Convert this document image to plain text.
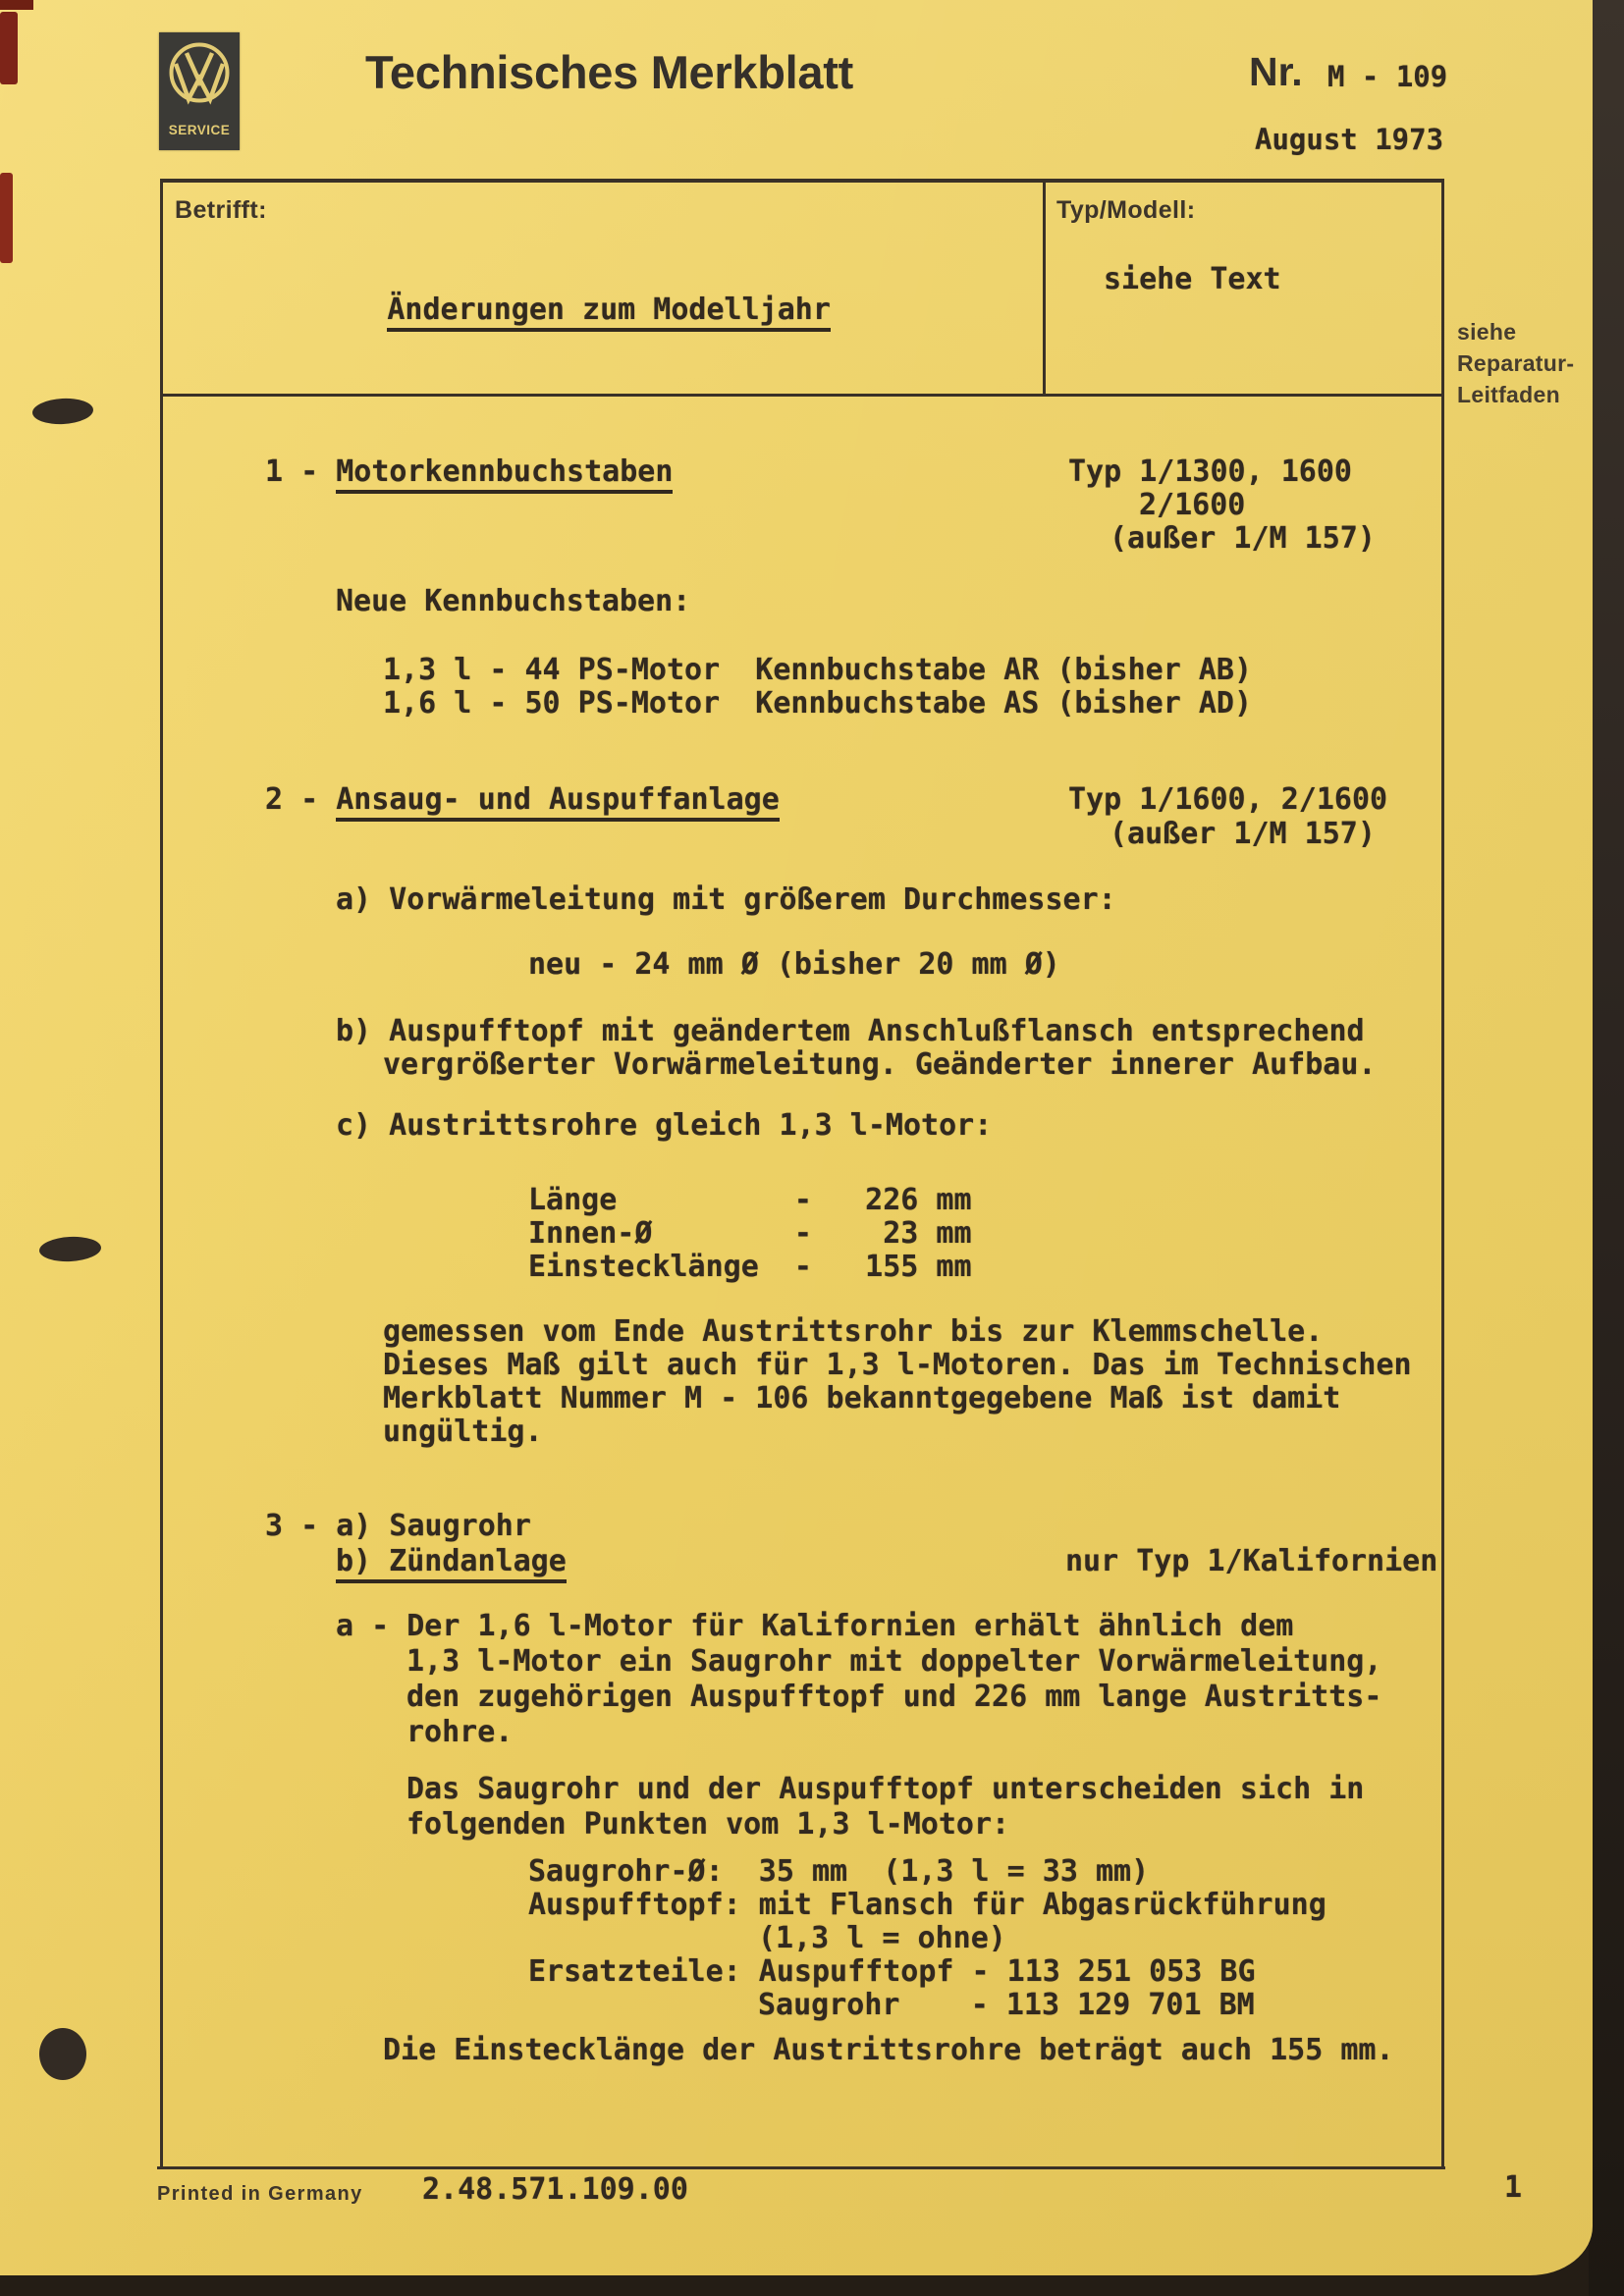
SERVICE
Technisches Merkblatt	Nr. M - 109
August 1973
Betrifft:

Änderungen zum Modelljahr

Typ/Modell:
siehe Text
siehe
Reparatur-
Leitfaden
1 - Motorkennbuchstaben	Typ 1/1300, 1600
2/1600
(außer 1/M 157)
Neue Kennbuchstaben:
1,3 l - 44 PS-Motor  Kennbuchstabe AR (bisher AB)
1,6 l - 50 PS-Motor  Kennbuchstabe AS (bisher AD)
2 - Ansaug- und Auspuffanlage	Typ 1/1600, 2/1600
(außer 1/M 157)
a) Vorwärmeleitung mit größerem Durchmesser:
neu - 24 mm Ø (bisher 20 mm Ø)
b) Auspufftopf mit geändertem Anschlußflansch entsprechend
vergrößerter Vorwärmeleitung. Geänderter innerer Aufbau.
c) Austrittsrohre gleich 1,3 l-Motor:
Länge          -   226 mm
Innen-Ø        -    23 mm
Einstecklänge  -   155 mm
gemessen vom Ende Austrittsrohr bis zur Klemmschelle.
Dieses Maß gilt auch für 1,3 l-Motoren. Das im Technischen
Merkblatt Nummer M - 106 bekanntgegebene Maß ist damit
ungültig.
3 - a) Saugrohr
b) Zündanlage	nur Typ 1/Kalifornien
a - Der 1,6 l-Motor für Kalifornien erhält ähnlich dem
1,3 l-Motor ein Saugrohr mit doppelter Vorwärmeleitung,
den zugehörigen Auspufftopf und 226 mm lange Austritts-
rohre.
Das Saugrohr und der Auspufftopf unterscheiden sich in
folgenden Punkten vom 1,3 l-Motor:
Saugrohr-Ø:  35 mm  (1,3 l = 33 mm)
Auspufftopf: mit Flansch für Abgasrückführung
(1,3 l = ohne)
Ersatzteile: Auspufftopf - 113 251 053 BG
Saugrohr    - 113 129 701 BM
Die Einstecklänge der Austrittsrohre beträgt auch 155 mm.
Printed in Germany 2.48.571.109.00	1
